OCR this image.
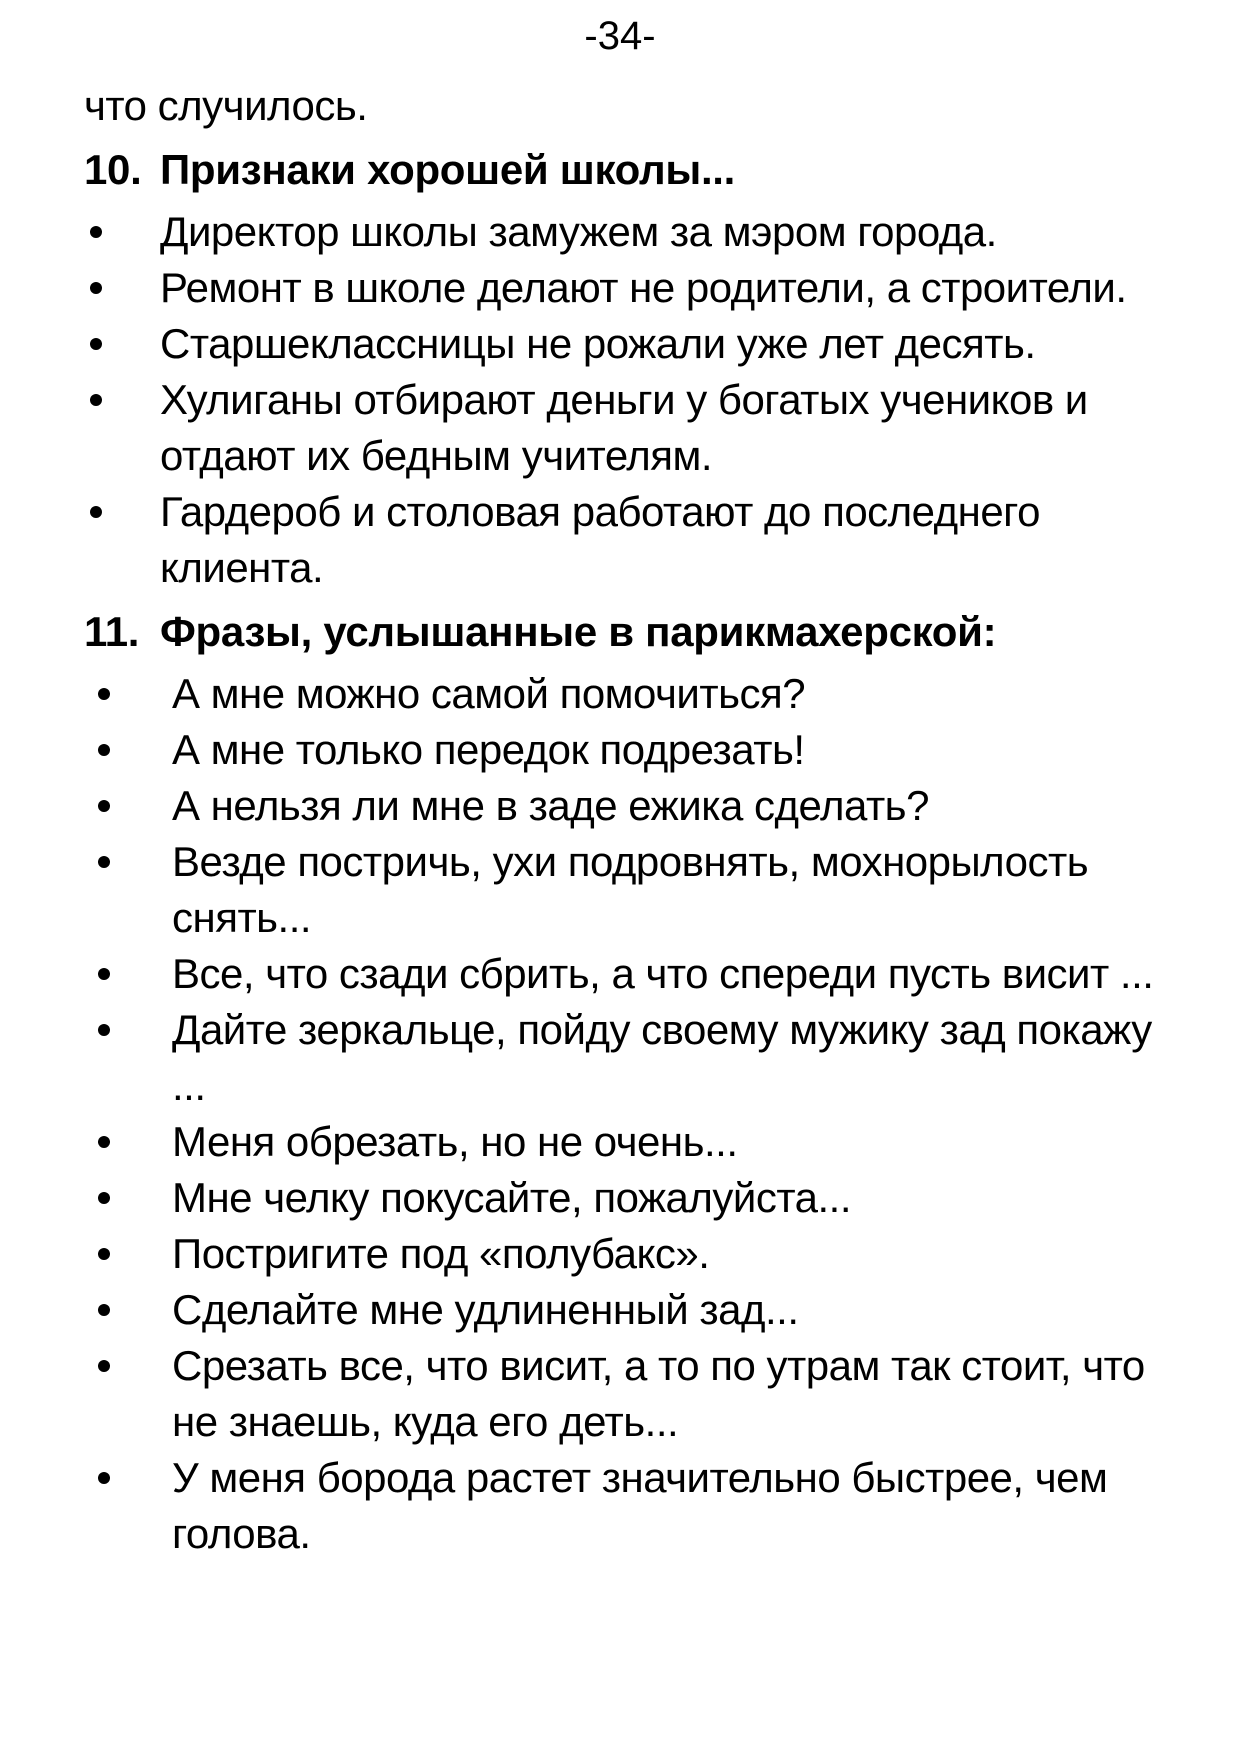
-34-

что случилось.

10. Признаки хорошей школы...
Директор школы замужем за мэром города.
Ремонт в школе делают не родители, а строители.
Старшеклассницы не рожали уже лет десять.
Хулиганы отбирают деньги у богатых учеников и отдают их бедным учителям.
Гардероб и столовая работают до последнего клиента.
11. Фразы, услышанные в парикмахерской:
А мне можно самой помочиться?
А мне только передок подрезать!
А нельзя ли мне в заде ежика сделать?
Везде постричь, ухи подровнять, мохнорылость снять...
Все, что сзади сбрить, а что спереди пусть висит ...
Дайте зеркальце, пойду своему мужику зад покажу ...
Меня обрезать, но не очень...
Мне челку покусайте, пожалуйста...
Постригите под «полубакс».
Сделайте мне удлиненный зад...
Срезать все, что висит, а то по утрам так стоит, что не знаешь, куда его деть...
У меня борода растет значительно быстрее, чем голова.
